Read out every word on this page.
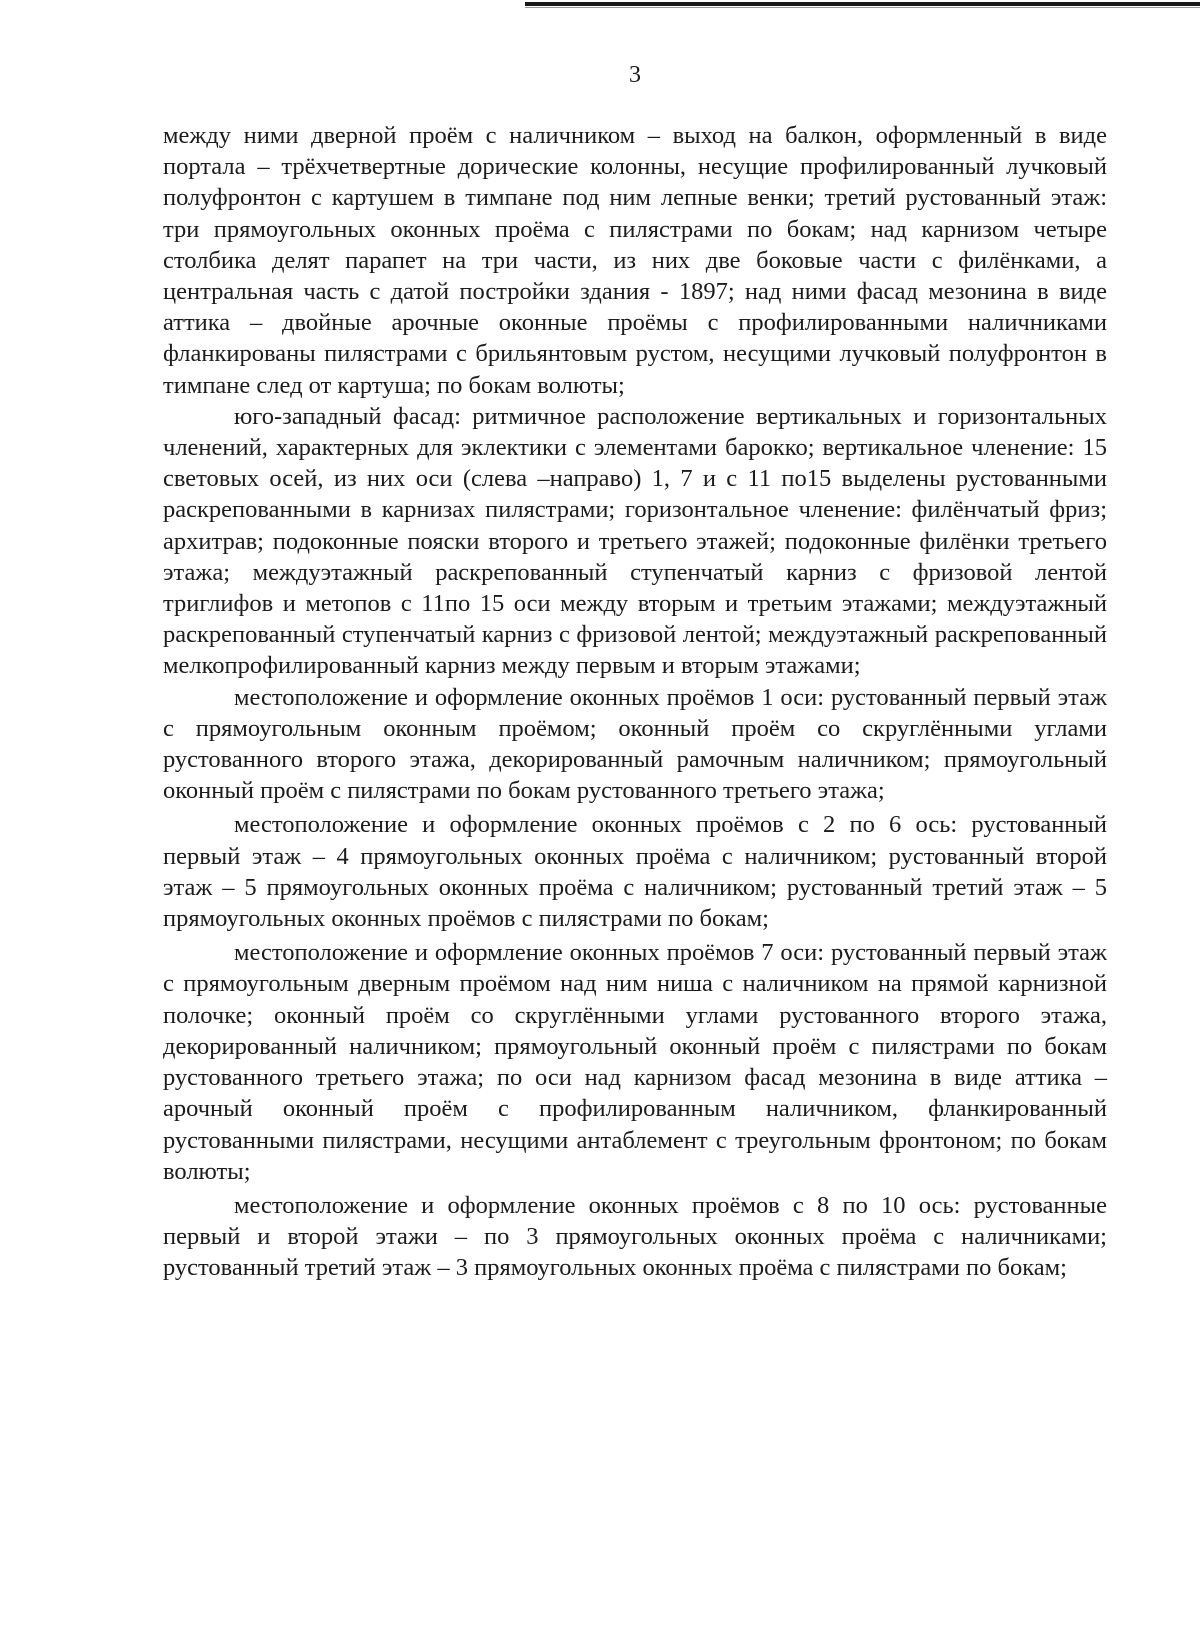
3

между ними дверной проём с наличником – выход на балкон, оформленный в виде портала – трёхчетвертные дорические колонны, несущие профилированный лучковый полуфронтон с картушем в тимпане под ним лепные венки; третий рустованный этаж: три прямоугольных оконных проёма с пилястрами по бокам; над карнизом четыре столбика делят парапет на три части, из них две боковые части с филёнками, а центральная часть с датой постройки здания - 1897; над ними фасад мезонина в виде аттика – двойные арочные оконные проёмы с профилированными наличниками фланкированы пилястрами с брильянтовым рустом, несущими лучковый полуфронтон в тимпане след от картуша; по бокам волюты;

юго-западный фасад: ритмичное расположение вертикальных и горизонтальных членений, характерных для эклектики с элементами барокко; вертикальное членение: 15 световых осей, из них оси (слева –направо) 1, 7 и с 11 по15 выделены рустованными раскрепованными в карнизах пилястрами; горизонтальное членение: филёнчатый фриз; архитрав; подоконные пояски второго и третьего этажей; подоконные филёнки третьего этажа; междуэтажный раскрепованный ступенчатый карниз с фризовой лентой триглифов и метопов с 11по 15 оси между вторым и третьим этажами; междуэтажный раскрепованный ступенчатый карниз с фризовой лентой; междуэтажный раскрепованный мелкопрофилированный карниз между первым и вторым этажами;

местоположение и оформление оконных проёмов 1 оси: рустованный первый этаж с прямоугольным оконным проёмом; оконный проём со скруглёнными углами рустованного второго этажа, декорированный рамочным наличником; прямоугольный оконный проём с пилястрами по бокам рустованного третьего этажа;

местоположение и оформление оконных проёмов с 2 по 6 ось: рустованный первый этаж – 4 прямоугольных оконных проёма с наличником; рустованный второй этаж – 5 прямоугольных оконных проёма с наличником; рустованный третий этаж – 5 прямоугольных оконных проёмов с пилястрами по бокам;

местоположение и оформление оконных проёмов 7 оси: рустованный первый этаж с прямоугольным дверным проёмом над ним ниша с наличником на прямой карнизной полочке; оконный проём со скруглёнными углами рустованного второго этажа, декорированный наличником; прямоугольный оконный проём с пилястрами по бокам рустованного третьего этажа; по оси над карнизом фасад мезонина в виде аттика – арочный оконный проём с профилированным наличником, фланкированный рустованными пилястрами, несущими антаблемент с треугольным фронтоном; по бокам волюты;

местоположение и оформление оконных проёмов с 8 по 10 ось: рустованные первый и второй этажи – по 3 прямоугольных оконных проёма с наличниками; рустованный третий этаж – 3 прямоугольных оконных проёма с пилястрами по бокам;
